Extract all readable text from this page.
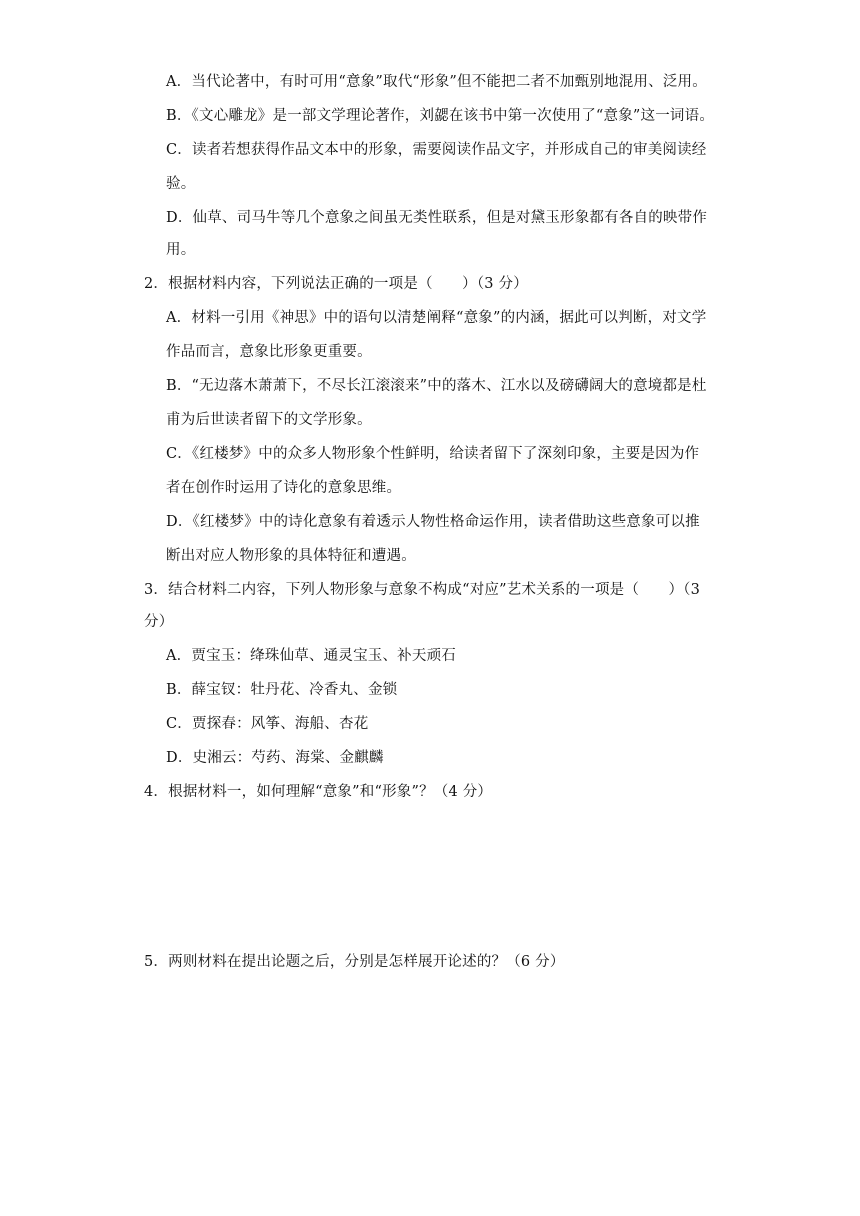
A．当代论著中，有时可用“意象”取代“形象”但不能把二者不加甄别地混用、泛用。
B．《文心雕龙》是一部文学理论著作，刘勰在该书中第一次使用了“意象”这一词语。
C．读者若想获得作品文本中的形象，需要阅读作品文字，并形成自己的审美阅读经
验。
D．仙草、司马牛等几个意象之间虽无类性联系，但是对黛玉形象都有各自的映带作
用。
2．根据材料内容，下列说法正确的一项是（　　）（3 分）
A．材料一引用《神思》中的语句以清楚阐释“意象”的内涵，据此可以判断，对文学
作品而言，意象比形象更重要。
B．“无边落木萧萧下，不尽长江滚滚来”中的落木、江水以及磅礴阔大的意境都是杜
甫为后世读者留下的文学形象。
C．《红楼梦》中的众多人物形象个性鲜明，给读者留下了深刻印象，主要是因为作
者在创作时运用了诗化的意象思维。
D．《红楼梦》中的诗化意象有着透示人物性格命运作用，读者借助这些意象可以推
断出对应人物形象的具体特征和遭遇。
3．结合材料二内容，下列人物形象与意象不构成“对应”艺术关系的一项是（　　）（3
分）
A．贾宝玉：绛珠仙草、通灵宝玉、补天顽石
B．薛宝钗：牡丹花、冷香丸、金锁
C．贾探春：风筝、海船、杏花
D．史湘云：芍药、海棠、金麒麟
4．根据材料一，如何理解“意象”和“形象”？（4 分）
5．两则材料在提出论题之后，分别是怎样展开论述的？（6 分）
